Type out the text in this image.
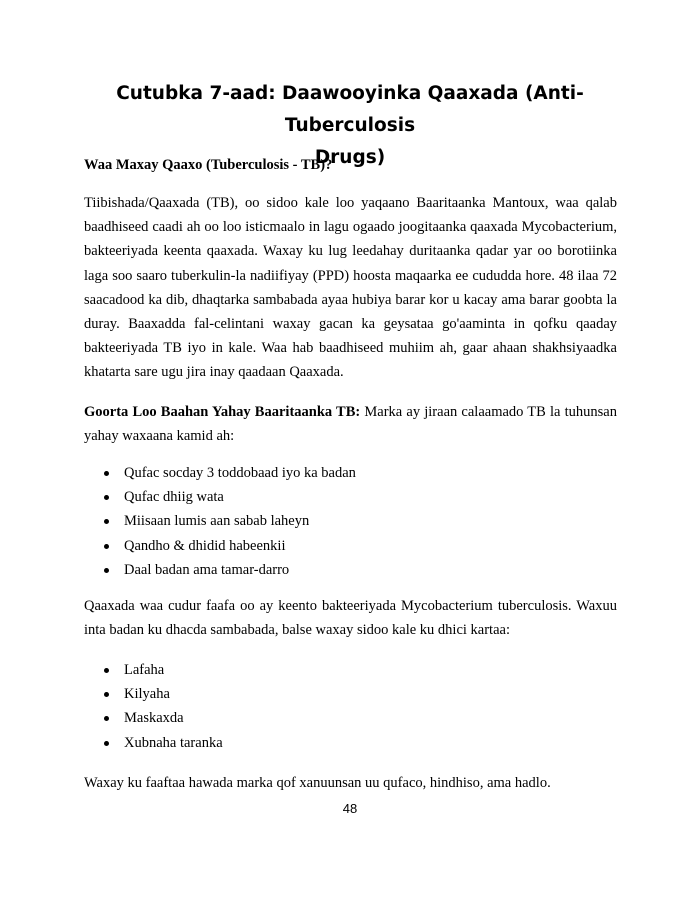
Cutubka 7-aad: Daawooyinka Qaaxada (Anti-Tuberculosis
Drugs)
Waa Maxay Qaaxo (Tuberculosis - TB)?

Tiibishada/Qaaxada (TB), oo sidoo kale loo yaqaano Baaritaanka Mantoux, waa qalab baadhiseed caadi ah oo loo isticmaalo in lagu ogaado joogitaanka qaaxada Mycobacterium, bakteeriyada keenta qaaxada. Waxay ku lug leedahay duritaanka qadar yar oo borotiinka laga soo saaro tuberkulin-la nadiifiyay (PPD) hoosta maqaarka ee cududda hore. 48 ilaa 72 saacadood ka dib, dhaqtarka sambabada ayaa hubiya barar kor u kacay ama barar goobta la duray. Baaxadda fal-celintani waxay gacan ka geysataa go'aaminta in qofku qaaday bakteeriyada TB iyo in kale. Waa hab baadhiseed muhiim ah, gaar ahaan shakhsiyaadka khatarta sare ugu jira inay qaadaan Qaaxada.

Goorta Loo Baahan Yahay Baaritaanka TB: Marka ay jiraan calaamado TB la tuhunsan yahay waxaana kamid ah:

Qufac socday 3 toddobaad iyo ka badan
Qufac dhiig wata
Miisaan lumis aan sabab laheyn
Qandho & dhidid habeenkii
Daal badan ama tamar-darro

Qaaxada waa cudur faafa oo ay keento bakteeriyada Mycobacterium tuberculosis. Waxuu inta badan ku dhacda sambabada, balse waxay sidoo kale ku dhici kartaa:

Lafaha
Kilyaha
Maskaxda
Xubnaha taranka

Waxay ku faaftaa hawada marka qof xanuunsan uu qufaco, hindhiso, ama hadlo.

48
